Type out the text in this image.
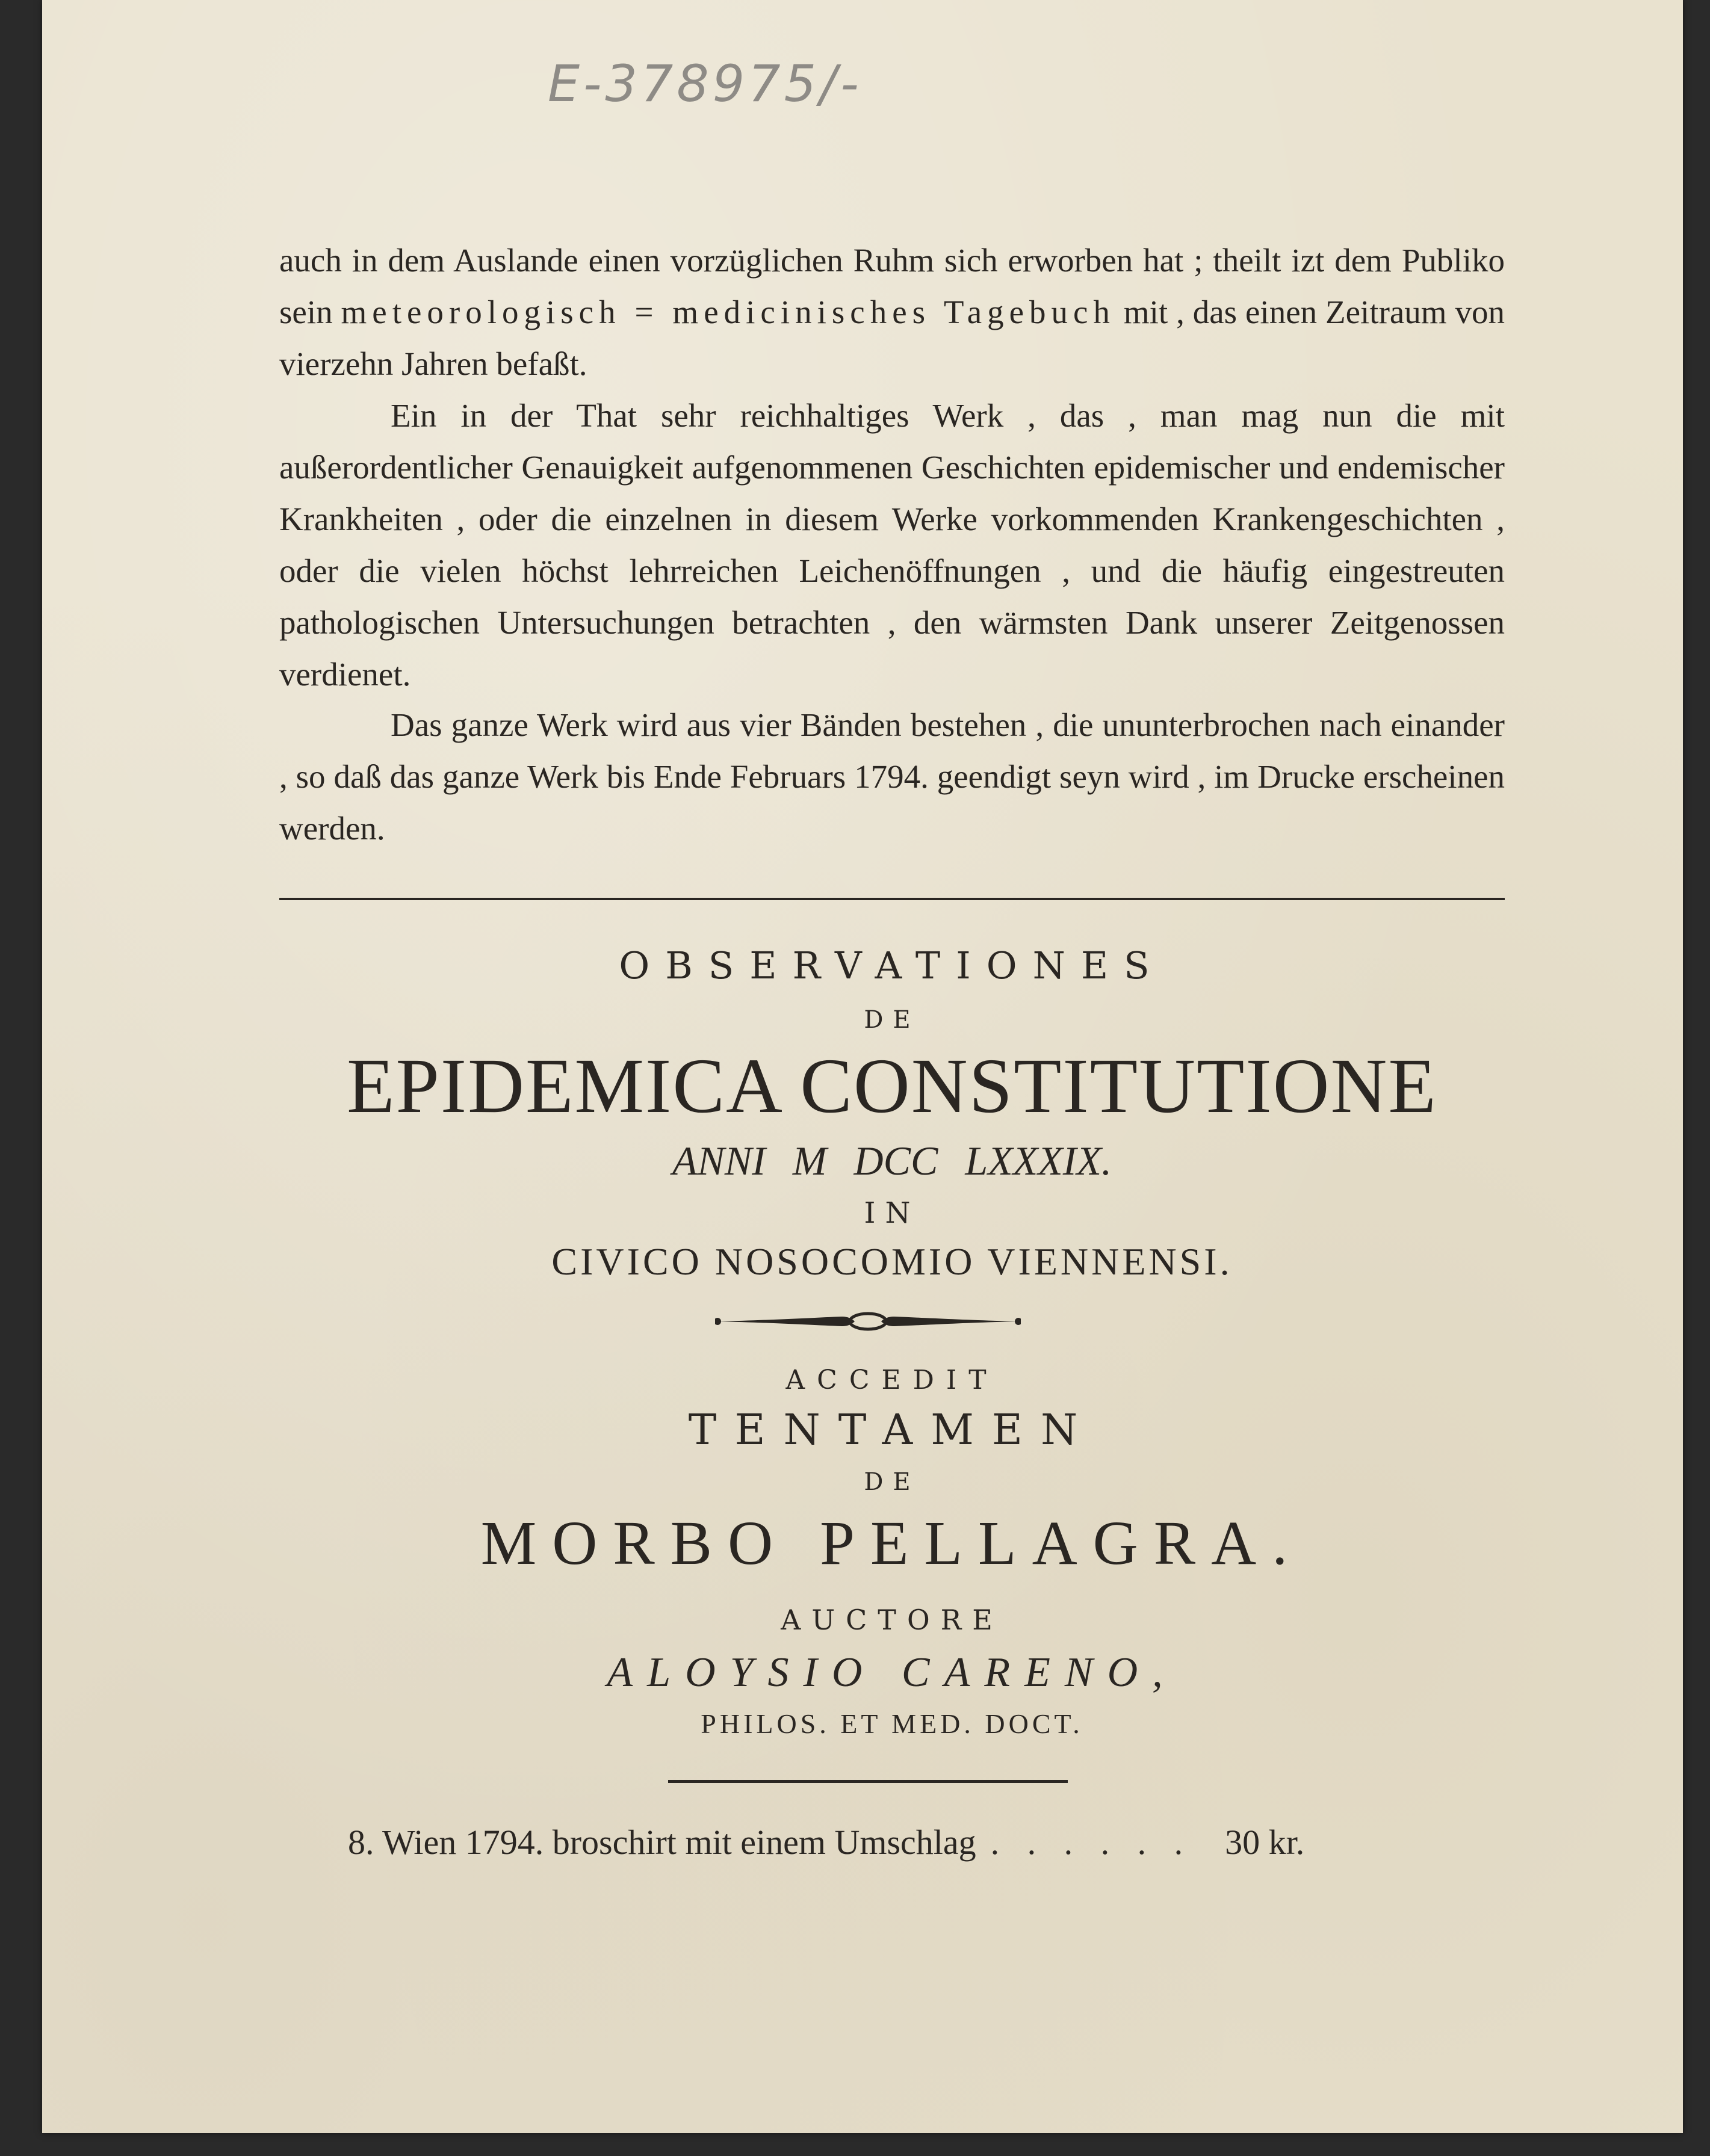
E-378975/-

auch in dem Auslande einen vorzüglichen Ruhm sich erworben hat ; theilt izt dem Publiko sein meteorologisch = medicinisches Tagebuch mit , das einen Zeitraum von vierzehn Jahren befaßt.

Ein in der That sehr reichhaltiges Werk , das , man mag nun die mit außerordentlicher Genauigkeit aufgenommenen Geschichten epidemischer und endemischer Krankheiten , oder die einzelnen in diesem Werke vorkommenden Krankengeschichten , oder die vielen höchst lehrreichen Leichenöffnungen , und die häufig eingestreuten pathologischen Untersuchungen betrachten , den wärmsten Dank unserer Zeitgenossen verdienet.

Das ganze Werk wird aus vier Bänden bestehen , die ununterbrochen nach einander , so daß das ganze Werk bis Ende Februars 1794. geendigt seyn wird , im Drucke erscheinen werden.

OBSERVATIONES

DE

EPIDEMICA CONSTITUTIONE

ANNI M DCC LXXXIX.

IN

CIVICO NOSOCOMIO VIENNENSI.

ACCEDIT

TENTAMEN

DE

MORBO PELLAGRA.

AUCTORE

ALOYSIO CARENO,

PHILOS. ET MED. DOCT.

8. Wien 1794. broschirt mit einem Umschlag . . . . . . 30 kr.
